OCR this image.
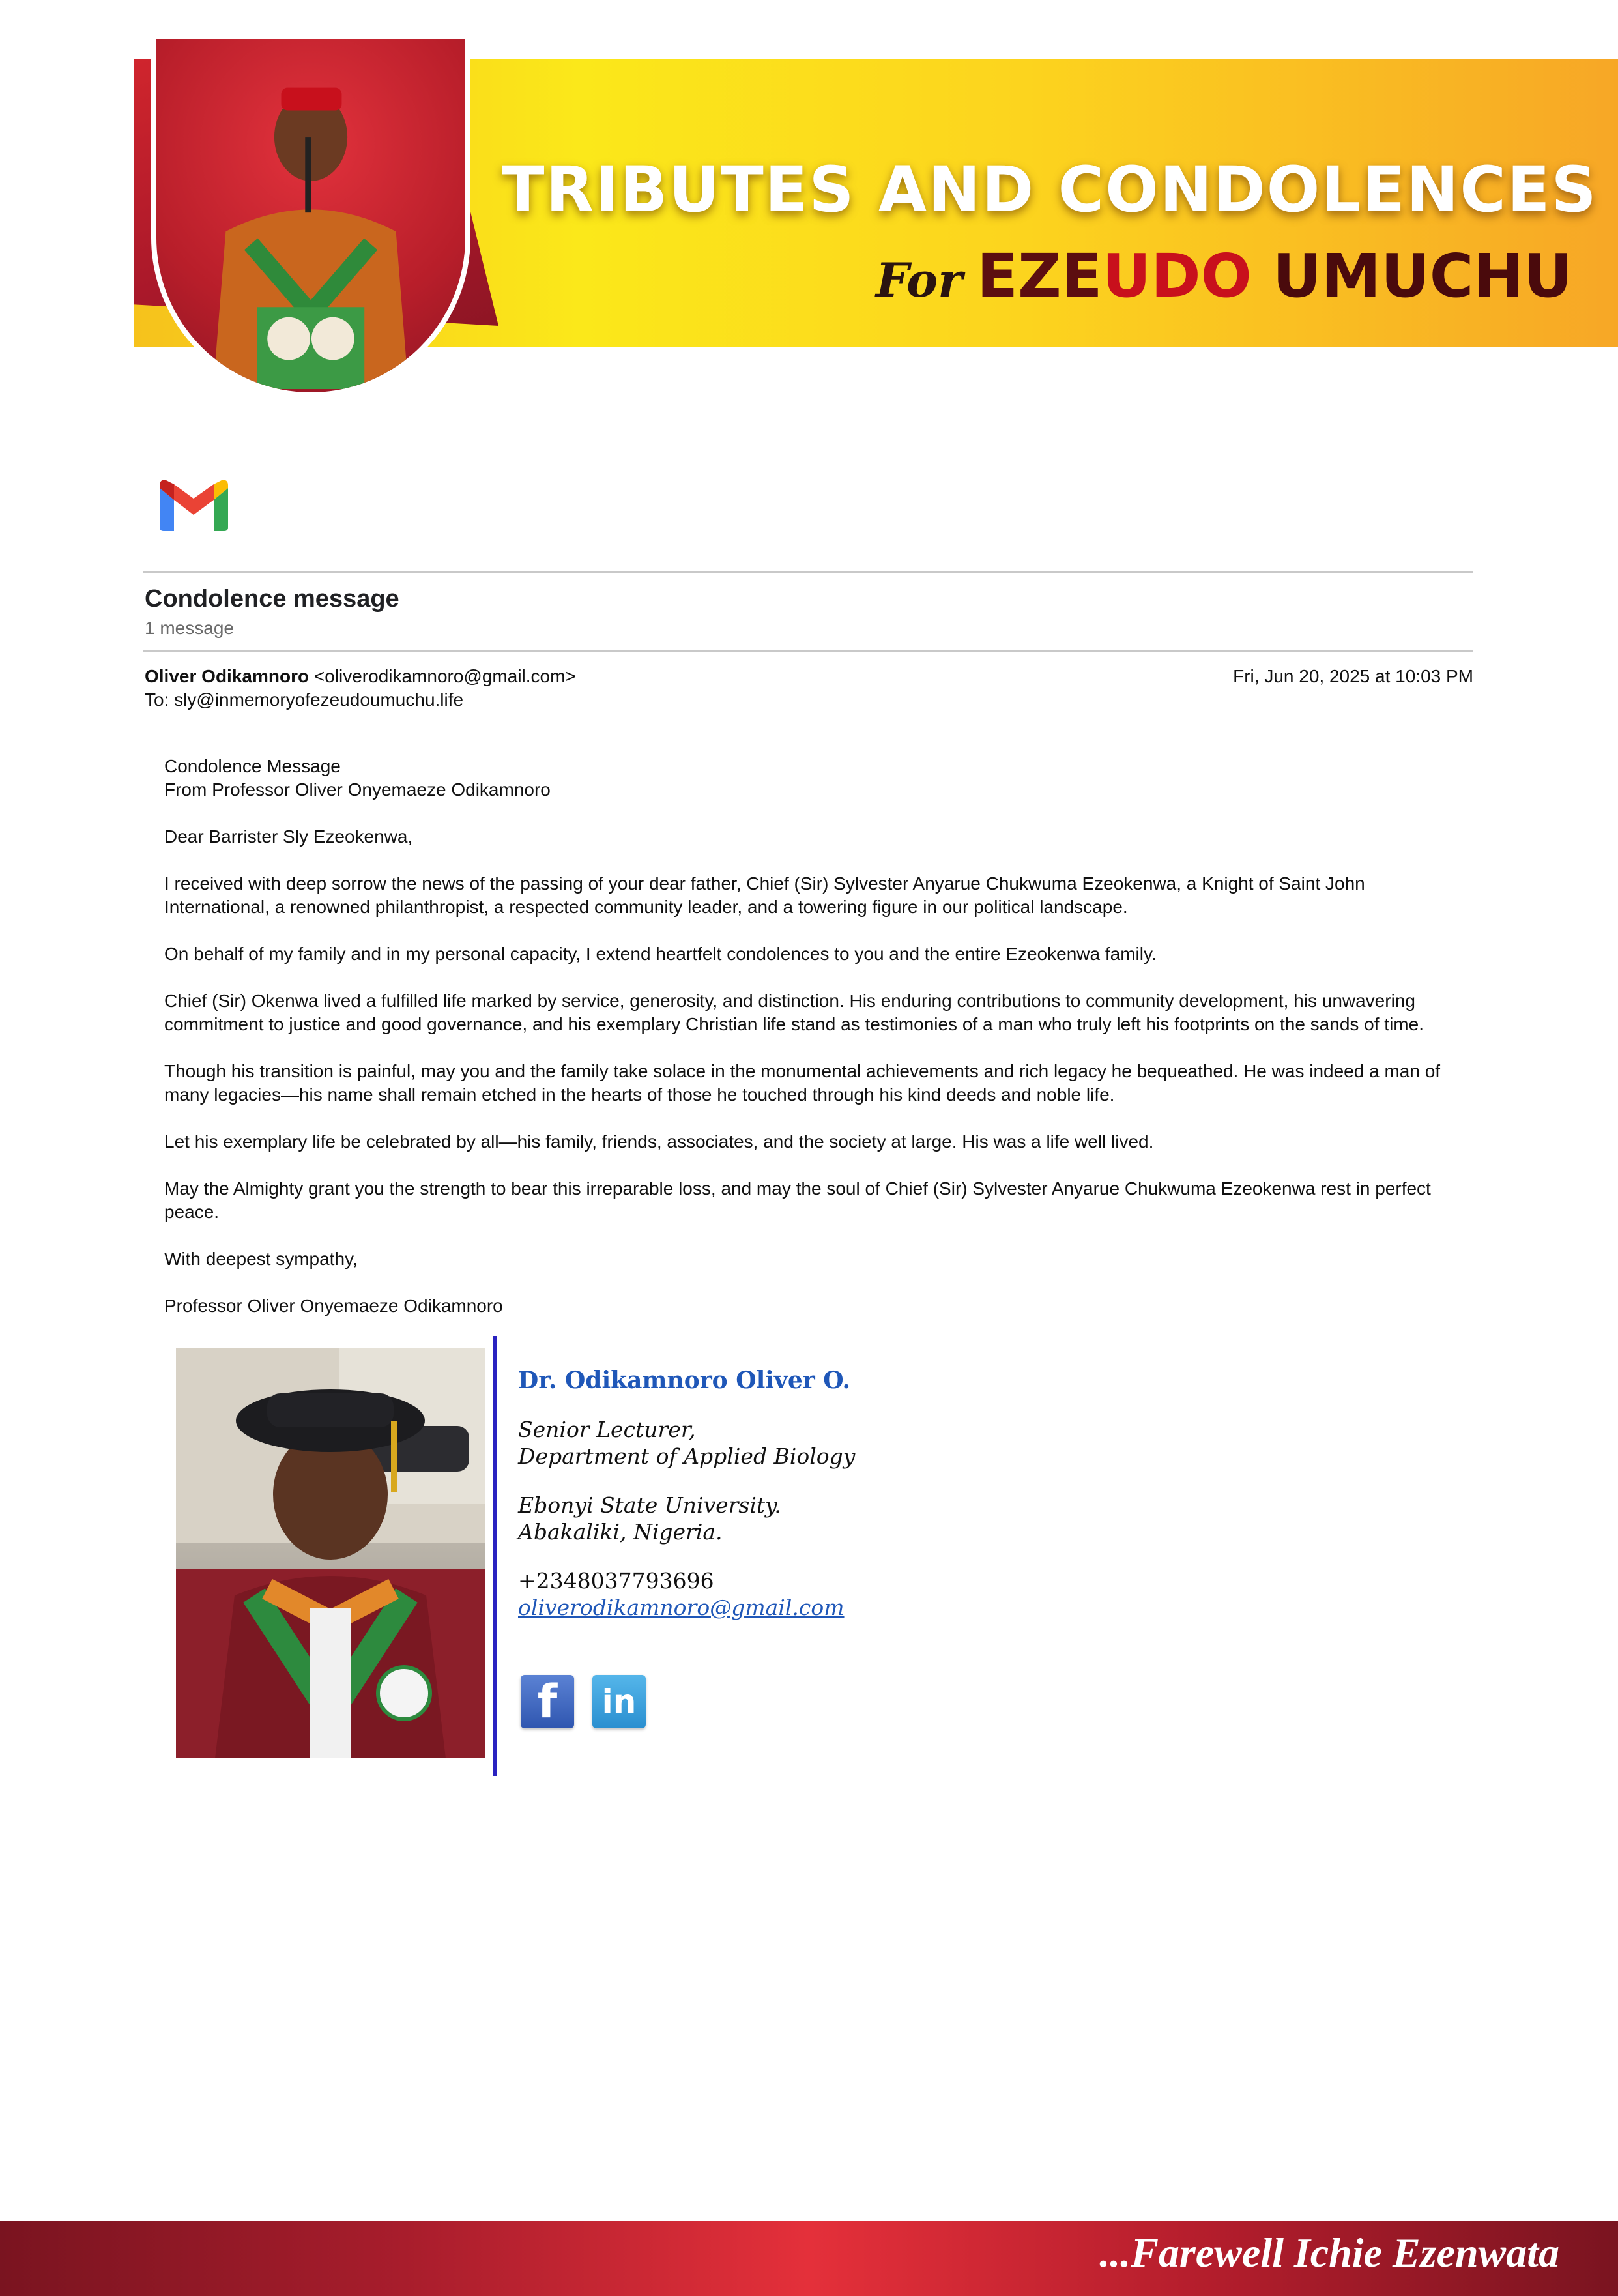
TRIBUTES AND CONDOLENCES
For EZEUDO UMUCHU
Condolence message
1 message
Oliver Odikamnoro <oliverodikamnoro@gmail.com>
To: sly@inmemoryofezeudoumuchu.life
Fri, Jun 20, 2025 at 10:03 PM

Condolence Message

From Professor Oliver Onyemaeze Odikamnoro

Dear Barrister Sly Ezeokenwa,

I received with deep sorrow the news of the passing of your dear father, Chief (Sir) Sylvester Anyarue Chukwuma Ezeokenwa, a Knight of Saint John International, a renowned philanthropist, a respected community leader, and a towering figure in our political landscape.

On behalf of my family and in my personal capacity, I extend heartfelt condolences to you and the entire Ezeokenwa family.

Chief (Sir) Okenwa lived a fulfilled life marked by service, generosity, and distinction. His enduring contributions to community development, his unwavering commitment to justice and good governance, and his exemplary Christian life stand as testimonies of a man who truly left his footprints on the sands of time.

Though his transition is painful, may you and the family take solace in the monumental achievements and rich legacy he bequeathed. He was indeed a man of many legacies—his name shall remain etched in the hearts of those he touched through his kind deeds and noble life.

Let his exemplary life be celebrated by all—his family, friends, associates, and the society at large. His was a life well lived.

May the Almighty grant you the strength to bear this irreparable loss, and may the soul of Chief (Sir) Sylvester Anyarue Chukwuma Ezeokenwa rest in perfect peace.

With deepest sympathy,

Professor Oliver Onyemaeze Odikamnoro

Dr. Odikamnoro Oliver O.
Senior Lecturer,
Department of Applied Biology
Ebonyi State University.
Abakaliki, Nigeria.
+2348037793696
oliverodikamnoro@gmail.com
f	in
...Farewell Ichie Ezenwata
